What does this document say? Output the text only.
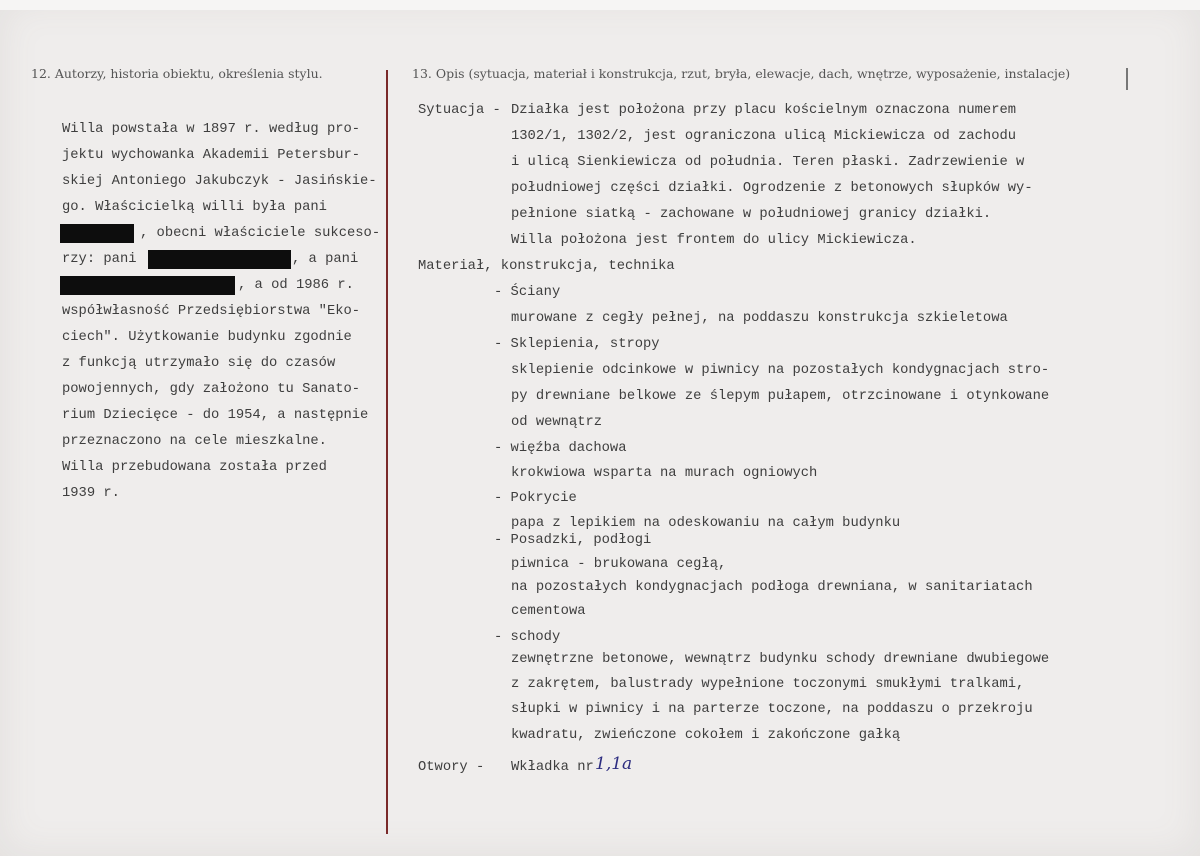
12. Autorzy, historia obiektu, określenia stylu.	13. Opis (sytuacja, materiał i konstrukcja, rzut, bryła, elewacje, dach, wnętrze, wyposażenie, instalacje)
Willa powstała w 1897 r. według pro-
jektu wychowanka Akademii Petersbur-
skiej Antoniego Jakubczyk - Jasińskie-
go. Właścicielką willi była pani
, obecni właściciele sukceso-
rzy: pani	, a pani
, a od 1986 r.
współwłasność Przedsiębiorstwa "Eko-
ciech". Użytkowanie budynku zgodnie
z funkcją utrzymało się do czasów
powojennych, gdy założono tu Sanato-
rium Dziecięce - do 1954, a następnie
przeznaczono na cele mieszkalne.
Willa przebudowana została przed
1939 r.
Sytuacja - Działka jest położona przy placu kościelnym oznaczona numerem
1302/1, 1302/2, jest ograniczona ulicą Mickiewicza od zachodu
i ulicą Sienkiewicza od południa. Teren płaski. Zadrzewienie w
południowej części działki. Ogrodzenie z betonowych słupków wy-
pełnione siatką - zachowane w południowej granicy działki.
Willa położona jest frontem do ulicy Mickiewicza.
Materiał, konstrukcja, technika
- Ściany
murowane z cegły pełnej, na poddaszu konstrukcja szkieletowa
- Sklepienia, stropy
sklepienie odcinkowe w piwnicy na pozostałych kondygnacjach stro-
py drewniane belkowe ze ślepym pułapem, otrzcinowane i otynkowane
od wewnątrz
- więźba dachowa
krokwiowa wsparta na murach ogniowych
- Pokrycie
papa z lepikiem na odeskowaniu na całym budynku
- Posadzki, podłogi
piwnica - brukowana cegłą,
na pozostałych kondygnacjach podłoga drewniana, w sanitariatach
cementowa
- schody
zewnętrzne betonowe, wewnątrz budynku schody drewniane dwubiegowe
z zakrętem, balustrady wypełnione toczonymi smukłymi tralkami,
słupki w piwnicy i na parterze toczone, na poddaszu o przekroju
kwadratu, zwieńczone cokołem i zakończone gałką
Otwory - Wkładka nr 1,1a
